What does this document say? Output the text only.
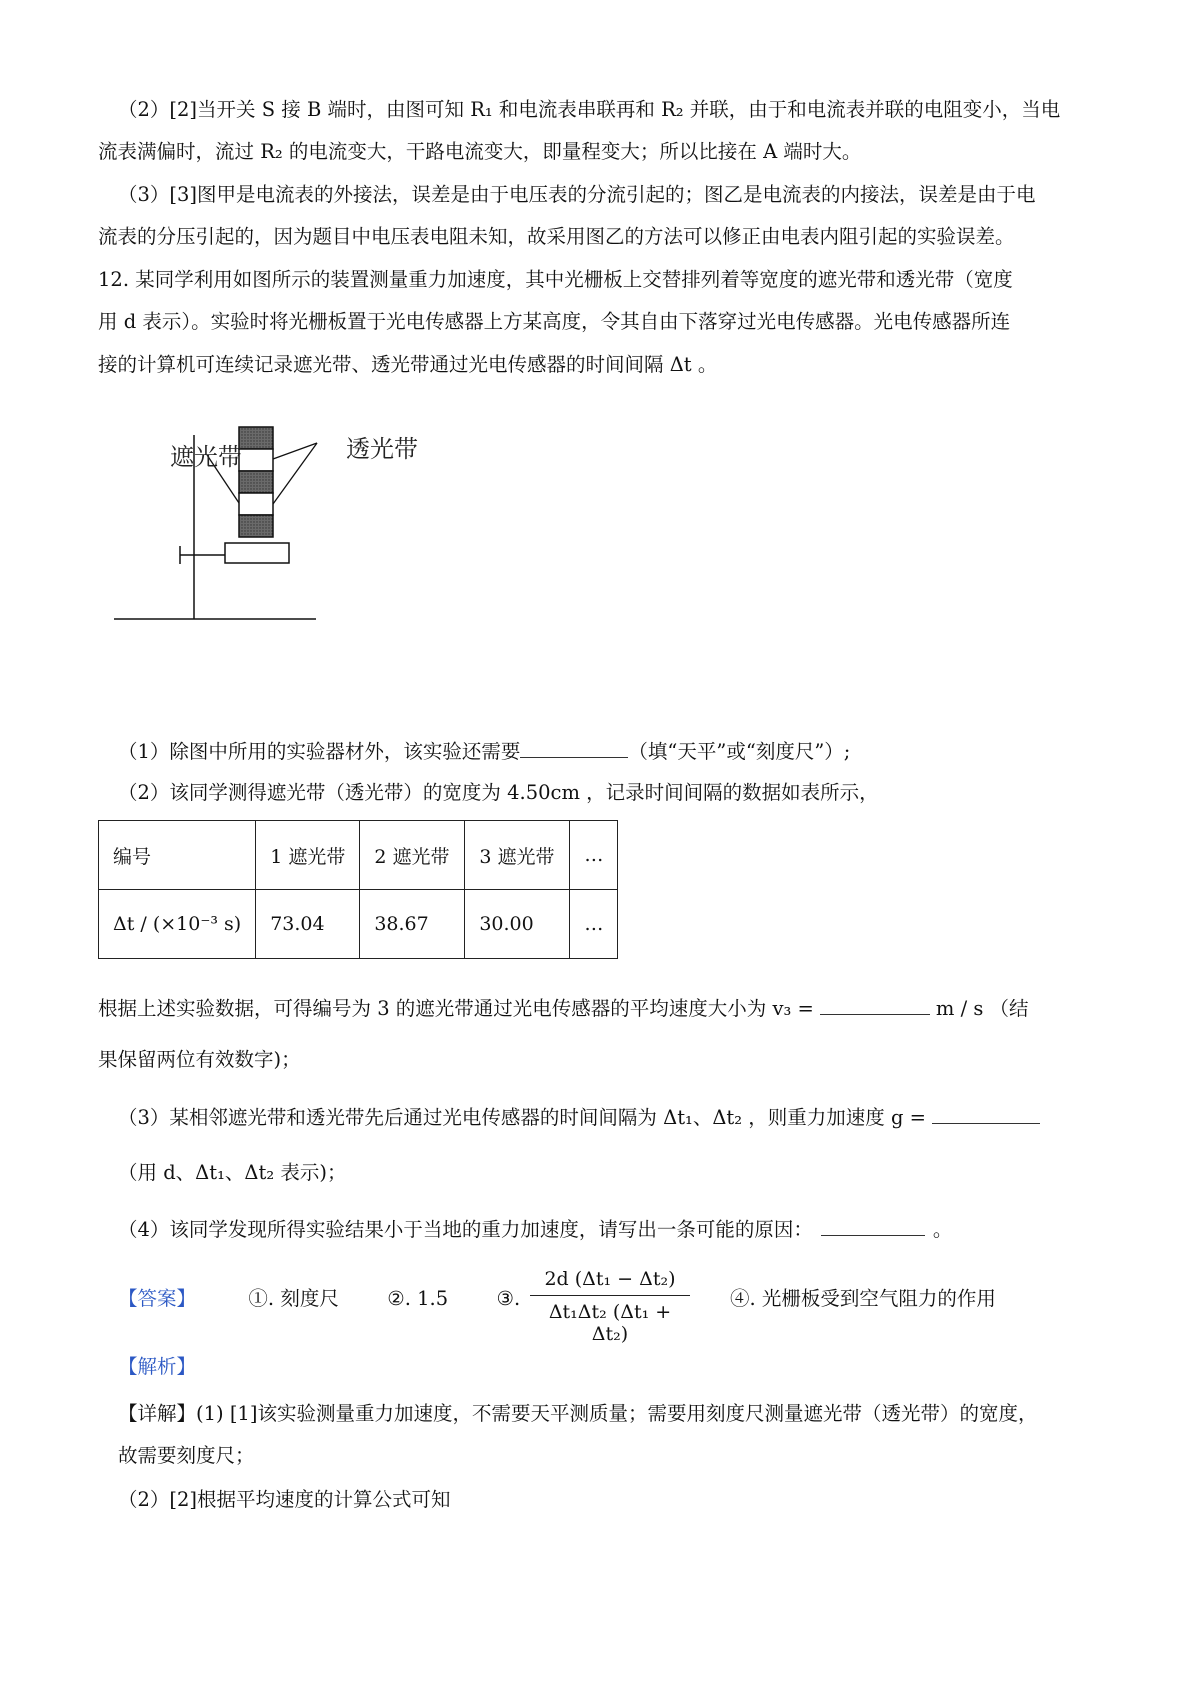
（2）[2]当开关 S 接 B 端时，由图可知 R₁ 和电流表串联再和 R₂ 并联，由于和电流表并联的电阻变小，当电
流表满偏时，流过 R₂ 的电流变大，干路电流变大，即量程变大；所以比接在 A 端时大。
（3）[3]图甲是电流表的外接法，误差是由于电压表的分流引起的；图乙是电流表的内接法，误差是由于电
流表的分压引起的，因为题目中电压表电阻未知，故采用图乙的方法可以修正由电表内阻引起的实验误差。
12. 某同学利用如图所示的装置测量重力加速度，其中光栅板上交替排列着等宽度的遮光带和透光带（宽度
用 d 表示）。实验时将光栅板置于光电传感器上方某高度，令其自由下落穿过光电传感器。光电传感器所连
接的计算机可连续记录遮光带、透光带通过光电传感器的时间间隔 Δt 。
遮光带	透光带
（1）除图中所用的实验器材外，该实验还需要	（填“天平”或“刻度尺”）;
（2）该同学测得遮光带（透光带）的宽度为 4.50cm ，记录时间间隔的数据如表所示，
编号	1 遮光带	2 遮光带	3 遮光带	…
Δt / (×10⁻³ s)	73.04	38.67	30.00	…
根据上述实验数据，可得编号为 3 的遮光带通过光电传感器的平均速度大小为 v₃ =	m / s （结
果保留两位有效数字)；
（3）某相邻遮光带和透光带先后通过光电传感器的时间间隔为 Δt₁、Δt₂ ，则重力加速度 g =
（用 d、Δt₁、Δt₂ 表示)；
（4）该同学发现所得实验结果小于当地的重力加速度，请写出一条可能的原因：	。
【答案】	①. 刻度尺 ②. 1.5 ③. $\frac{\text{2d (Δt₁ − Δt₂)}}{\text{Δt₁Δt₂ (Δt₁ + Δt₂)}}$ ④. 光栅板受到空气阻力的作用
【解析】
【详解】(1) [1]该实验测量重力加速度，不需要天平测质量；需要用刻度尺测量遮光带（透光带）的宽度，
故需要刻度尺；
（2）[2]根据平均速度的计算公式可知
